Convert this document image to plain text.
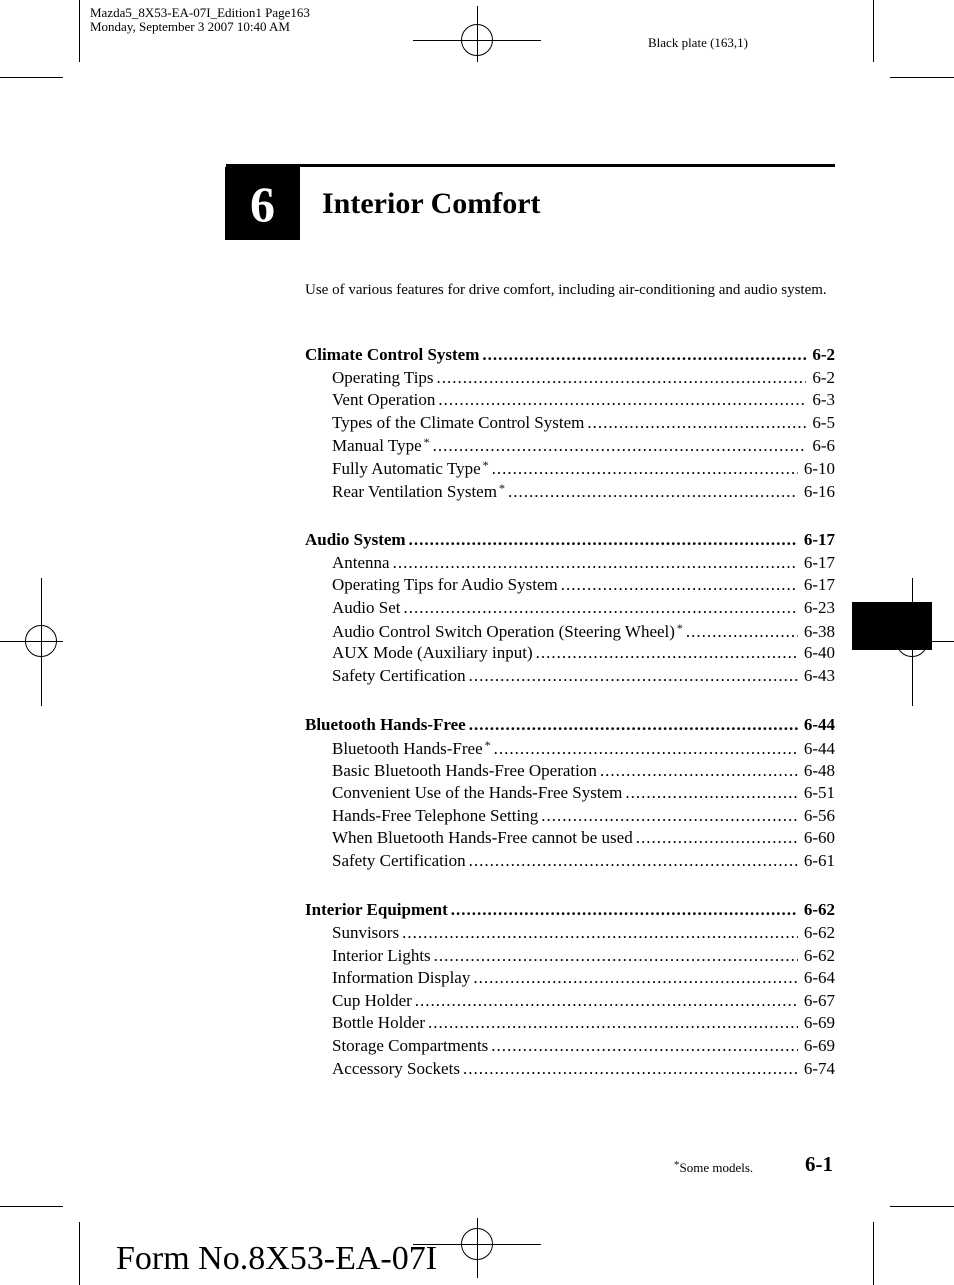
Mazda5_8X53-EA-07I_Edition1 Page163
Monday, September 3 2007 10:40 AM
Black plate (163,1)
6	Interior Comfort
Use of various features for drive comfort, including air-conditioning and audio system.
Climate Control System .....	6-2
Operating Tips .....	6-2
Vent Operation .....	6-3
Types of the Climate Control System .....	6-5
Manual Type * .....	6-6
Fully Automatic Type * .....	6-10
Rear Ventilation System * .....	6-16
Audio System .....	6-17
Antenna .....	6-17
Operating Tips for Audio System .....	6-17
Audio Set .....	6-23
Audio Control Switch Operation (Steering Wheel) * .....	6-38
AUX Mode (Auxiliary input) .....	6-40
Safety Certification .....	6-43
Bluetooth Hands-Free .....	6-44
Bluetooth Hands-Free * .....	6-44
Basic Bluetooth Hands-Free Operation .....	6-48
Convenient Use of the Hands-Free System .....	6-51
Hands-Free Telephone Setting .....	6-56
When Bluetooth Hands-Free cannot be used .....	6-60
Safety Certification .....	6-61
Interior Equipment .....	6-62
Sunvisors .....	6-62
Interior Lights .....	6-62
Information Display .....	6-64
Cup Holder .....	6-67
Bottle Holder .....	6-69
Storage Compartments .....	6-69
Accessory Sockets .....	6-74
*Some models. 6-1
Form No.8X53-EA-07I
